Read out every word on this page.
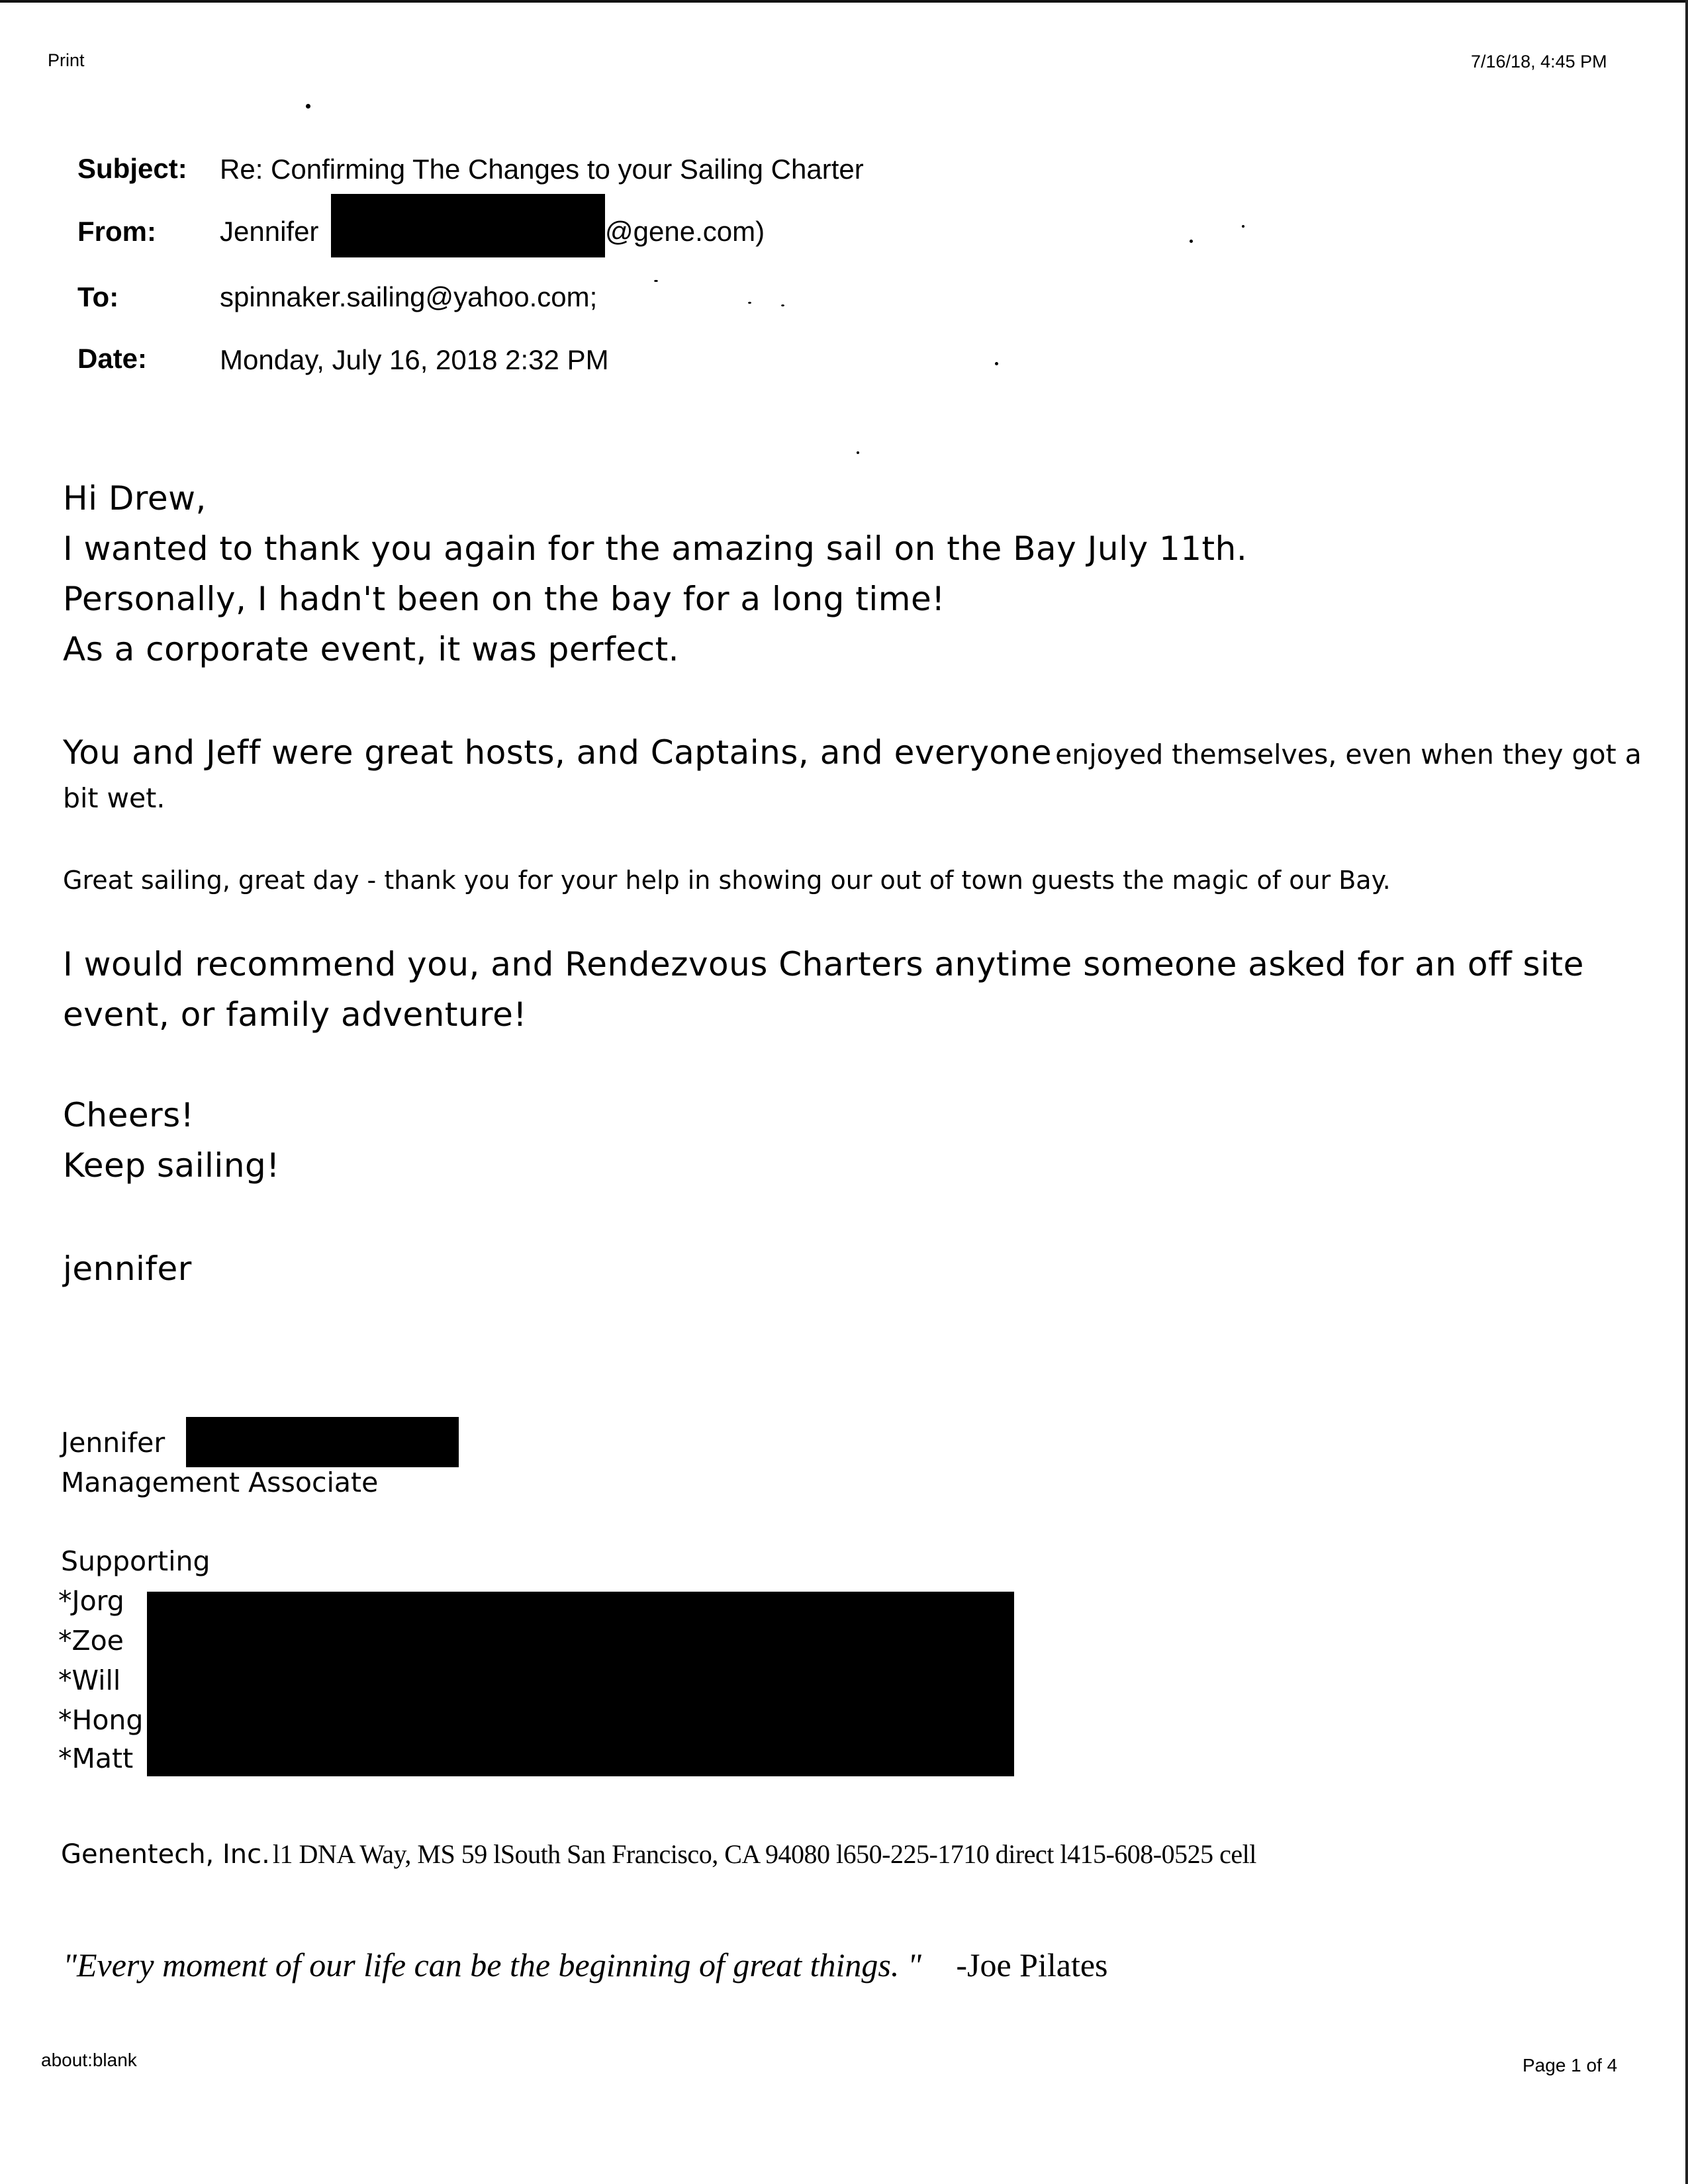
Print	7/16/18, 4:45 PM
Subject: Re: Confirming The Changes to your Sailing Charter
From: Jennifer	@gene.com)
To:	spinnaker.sailing@yahoo.com;
Date:	Monday, July 16, 2018 2:32 PM
Hi Drew,
I wanted to thank you again for the amazing sail on the Bay July 11th.
Personally, I hadn't been on the bay for a long time!
As a corporate event, it was perfect.
You and Jeff were great hosts, and Captains, and everyone enjoyed themselves, even when they got a
bit wet.
Great sailing, great day - thank you for your help in showing our out of town guests the magic of our Bay.
I would recommend you, and Rendezvous Charters anytime someone asked for an off site
event, or family adventure!
Cheers!
Keep sailing!
jennifer
Jennifer
Management Associate
Supporting
*Jorg
*Zoe
*Will
*Hong
*Matt
Genentech, Inc. l1 DNA Way, MS 59 lSouth San Francisco, CA 94080 l650-225-1710 direct l415-608-0525 cell
"Every moment of our life can be the beginning of great things. " -Joe Pilates
about:blank	Page 1 of 4
